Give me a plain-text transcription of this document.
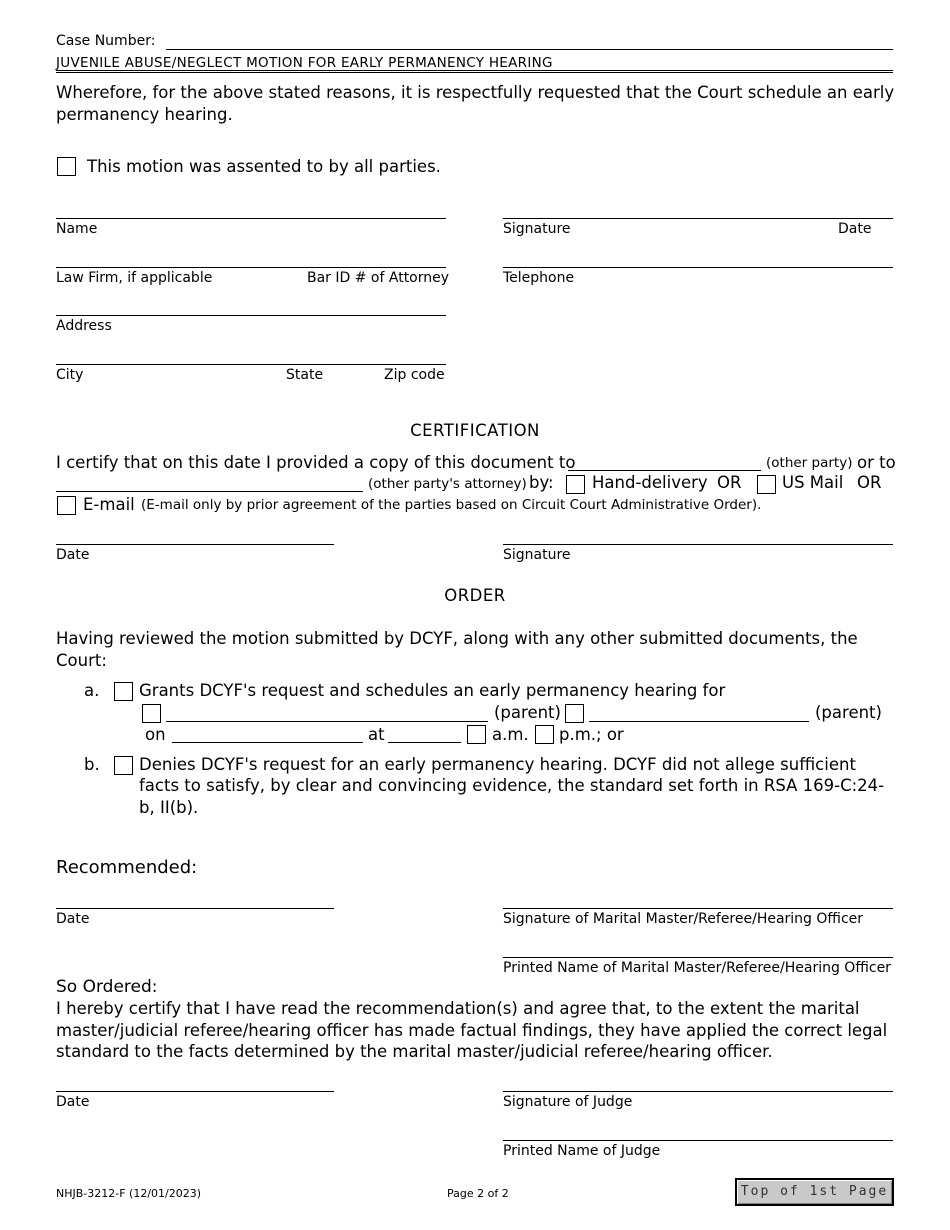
Case Number:
JUVENILE ABUSE/NEGLECT MOTION FOR EARLY PERMANENCY HEARING
Wherefore, for the above stated reasons, it is respectfully requested that the Court schedule an early
permanency hearing.
This motion was assented to by all parties.
Name	Signature	Date
Law Firm, if applicable	Bar ID # of Attorney	Telephone
Address
City	State	Zip code
CERTIFICATION
I certify that on this date I provided a copy of this document to	(other party) or to
(other party's attorney) by: Hand-delivery OR US Mail OR
E-mail (E-mail only by prior agreement of the parties based on Circuit Court Administrative Order).
Date	Signature
ORDER
Having reviewed the motion submitted by DCYF, along with any other submitted documents, the
Court:
a. Grants DCYF's request and schedules an early permanency hearing for
(parent)	(parent)
on	at	a.m. p.m.; or
b. Denies DCYF's request for an early permanency hearing. DCYF did not allege sufficient
facts to satisfy, by clear and convincing evidence, the standard set forth in RSA 169-C:24-
b, II(b).
Recommended:
Date	Signature of Marital Master/Referee/Hearing Officer
Printed Name of Marital Master/Referee/Hearing Officer
So Ordered:
I hereby certify that I have read the recommendation(s) and agree that, to the extent the marital
master/judicial referee/hearing officer has made factual findings, they have applied the correct legal
standard to the facts determined by the marital master/judicial referee/hearing officer.
Date	Signature of Judge
Printed Name of Judge
NHJB-3212-F (12/01/2023)	Page 2 of 2	Top of 1st Page
